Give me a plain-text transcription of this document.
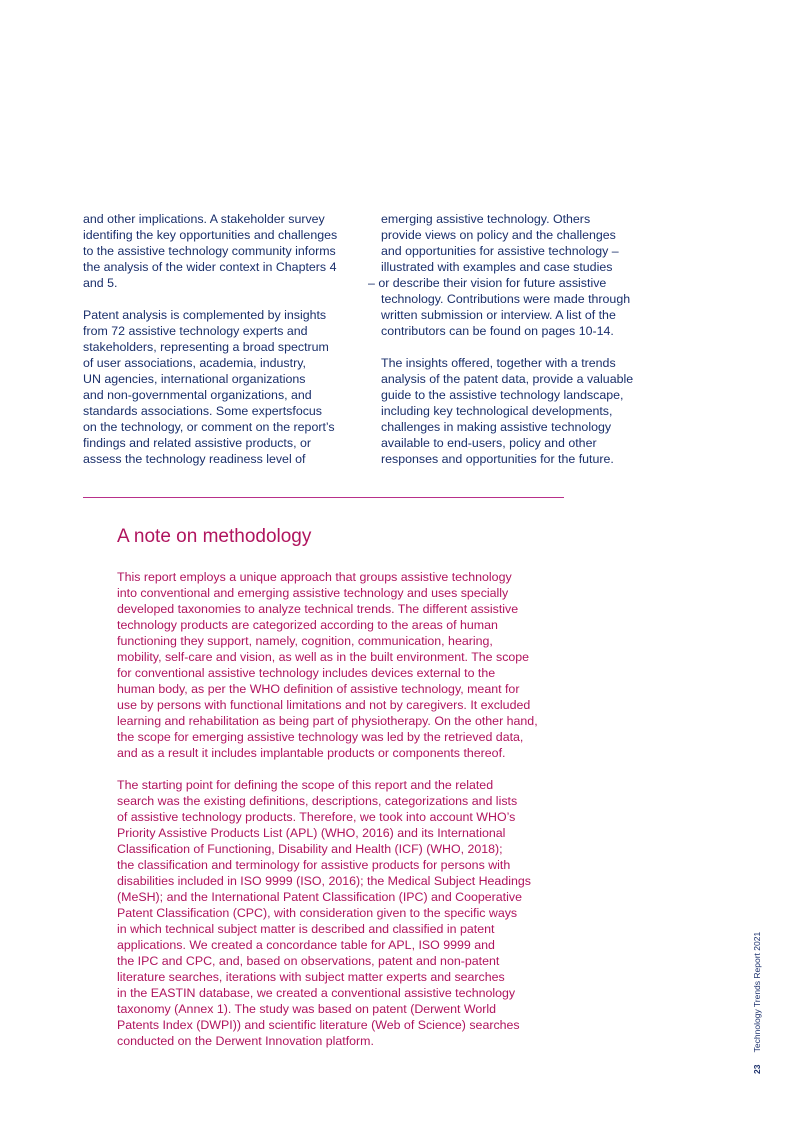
and other implications. A stakeholder survey
identifing the key opportunities and challenges
to the assistive technology community informs
the analysis of the wider context in Chapters 4
and 5.

Patent analysis is complemented by insights
from 72 assistive technology experts and
stakeholders, representing a broad spectrum
of user associations, academia, industry,
UN agencies, international organizations
and non-governmental organizations, and
standards associations. Some expertsfocus
on the technology, or comment on the report’s
findings and related assistive products, or
assess the technology readiness level of

emerging assistive technology. Others
provide views on policy and the challenges
and opportunities for assistive technology –
illustrated with examples and case studies
– or describe their vision for future assistive
technology. Contributions were made through
written submission or interview. A list of the
contributors can be found on pages 10-14.

The insights offered, together with a trends
analysis of the patent data, provide a valuable
guide to the assistive technology landscape,
including key technological developments,
challenges in making assistive technology
available to end-users, policy and other
responses and opportunities for the future.

A note on methodology

This report employs a unique approach that groups assistive technology
into conventional and emerging assistive technology and uses specially
developed taxonomies to analyze technical trends. The different assistive
technology products are categorized according to the areas of human
functioning they support, namely, cognition, communication, hearing,
mobility, self-care and vision, as well as in the built environment. The scope
for conventional assistive technology includes devices external to the
human body, as per the WHO definition of assistive technology, meant for
use by persons with functional limitations and not by caregivers. It excluded
learning and rehabilitation as being part of physiotherapy. On the other hand,
the scope for emerging assistive technology was led by the retrieved data,
and as a result it includes implantable products or components thereof.

The starting point for defining the scope of this report and the related
search was the existing definitions, descriptions, categorizations and lists
of assistive technology products. Therefore, we took into account WHO’s
Priority Assistive Products List (APL) (WHO, 2016) and its International
Classification of Functioning, Disability and Health (ICF) (WHO, 2018);
the classification and terminology for assistive products for persons with
disabilities included in ISO 9999 (ISO, 2016); the Medical Subject Headings
(MeSH); and the International Patent Classification (IPC) and Cooperative
Patent Classification (CPC), with consideration given to the specific ways
in which technical subject matter is described and classified in patent
applications. We created a concordance table for APL, ISO 9999 and
the IPC and CPC, and, based on observations, patent and non-patent
literature searches, iterations with subject matter experts and searches
in the EASTIN database, we created a conventional assistive technology
taxonomy (Annex 1). The study was based on patent (Derwent World
Patents Index (DWPI)) and scientific literature (Web of Science) searches
conducted on the Derwent Innovation platform.

23 Technology Trends Report 2021
